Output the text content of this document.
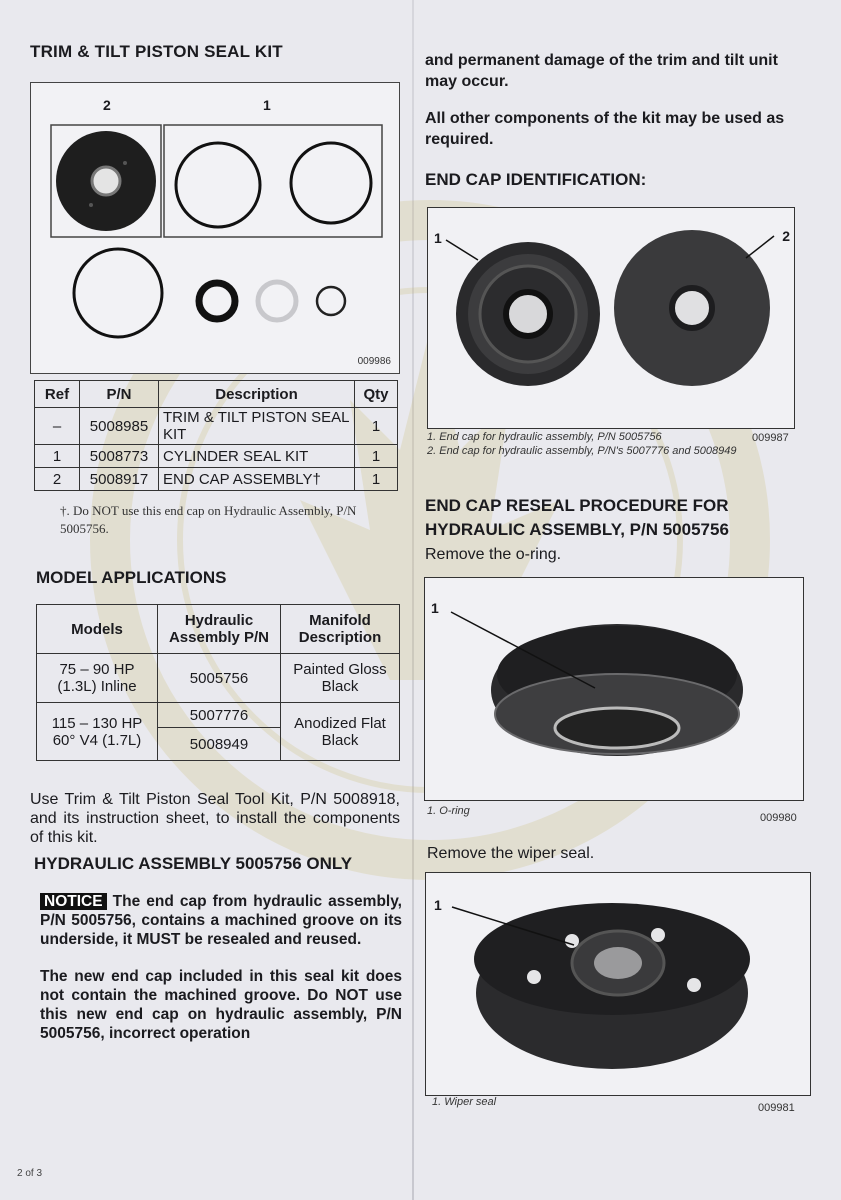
TRIM & TILT PISTON SEAL KIT
2	1
009986
Ref	P/N	Description	Qty
–	5008985	TRIM & TILT PISTON SEAL KIT	1
1	5008773	CYLINDER SEAL KIT	1
2	5008917	END CAP ASSEMBLY†	1
†. Do NOT use this end cap on Hydraulic Assembly, P/N 5005756.
MODEL APPLICATIONS
Models	Hydraulic Assembly P/N	Manifold Description
75 – 90 HP (1.3L) Inline	5005756	Painted Gloss Black
115 – 130 HP 60° V4 (1.7L)	5007776	Anodized Flat Black
	5008949	

Use Trim & Tilt Piston Seal Tool Kit, P/N 5008918, and its instruction sheet, to install the components of this kit.

HYDRAULIC ASSEMBLY 5005756 ONLY
NOTICE The end cap from hydraulic assembly, P/N 5005756, contains a machined groove on its underside, it MUST be resealed and reused.
The new end cap included in this seal kit does not contain the machined groove. Do NOT use this new end cap on hydraulic assembly, P/N 5005756, incorrect operation
2 of 3

and permanent damage of the trim and tilt unit may occur.

All other components of the kit may be used as required.

END CAP IDENTIFICATION:
1	2
1. End cap for hydraulic assembly, P/N 5005756	009987
2. End cap for hydraulic assembly, P/N's 5007776 and 5008949
END CAP RESEAL PROCEDURE FOR
HYDRAULIC ASSEMBLY, P/N 5005756
Remove the o-ring.
1
1. O-ring
009980
Remove the wiper seal.
1
1. Wiper seal	009981
